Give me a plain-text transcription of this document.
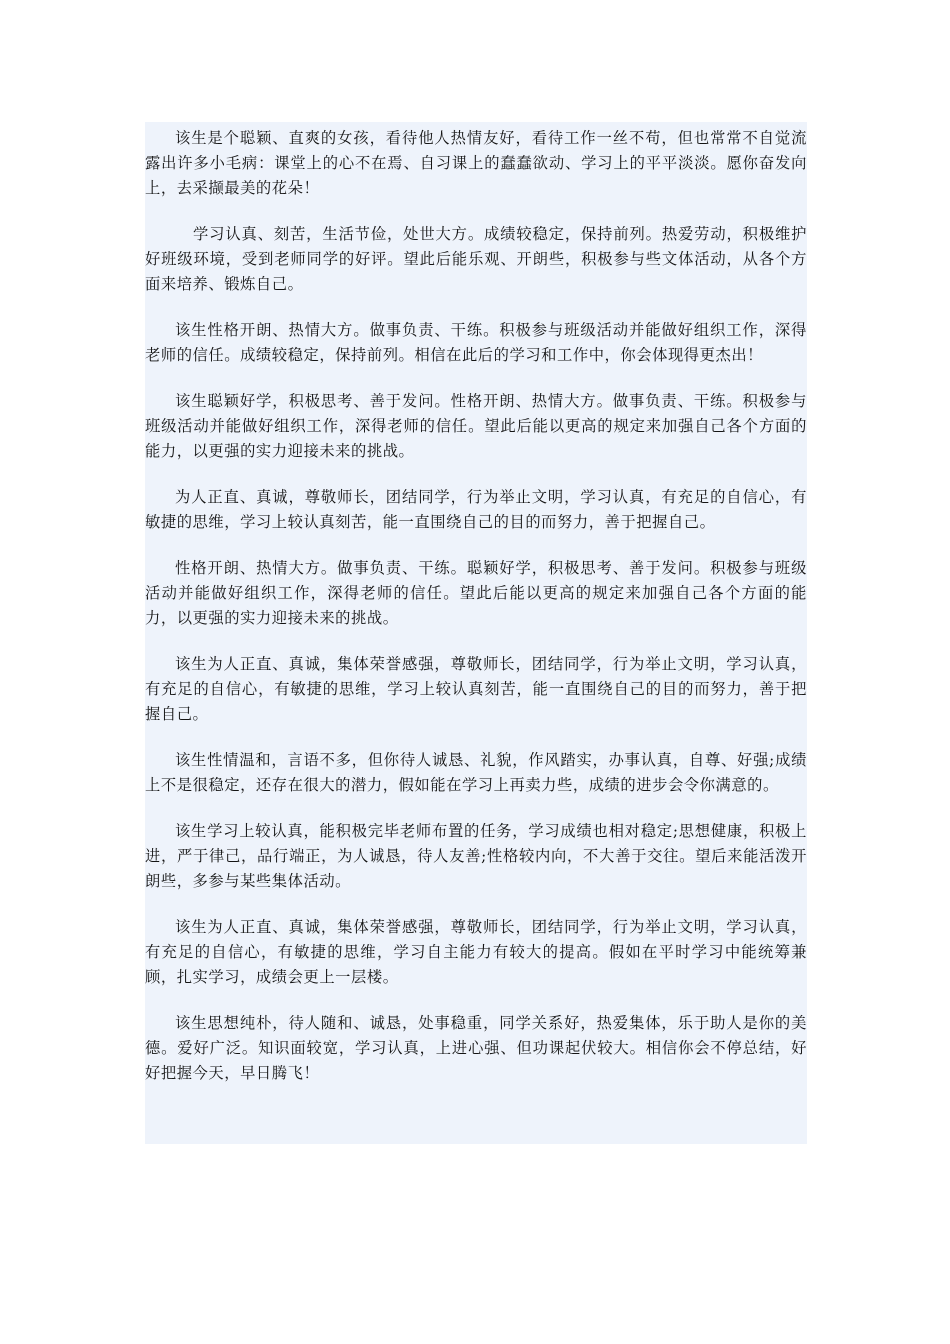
该生是个聪颖、直爽的女孩，看待他人热情友好，看待工作一丝不苟，但也常常不自觉流露出许多小毛病：课堂上的心不在焉、自习课上的蠢蠢欲动、学习上的平平淡淡。愿你奋发向上，去采撷最美的花朵！

学习认真、刻苦，生活节俭，处世大方。成绩较稳定，保持前列。热爱劳动，积极维护好班级环境，受到老师同学的好评。望此后能乐观、开朗些，积极参与些文体活动，从各个方面来培养、锻炼自己。

该生性格开朗、热情大方。做事负责、干练。积极参与班级活动并能做好组织工作，深得老师的信任。成绩较稳定，保持前列。相信在此后的学习和工作中，你会体现得更杰出！

该生聪颖好学，积极思考、善于发问。性格开朗、热情大方。做事负责、干练。积极参与班级活动并能做好组织工作，深得老师的信任。望此后能以更高的规定来加强自己各个方面的能力，以更强的实力迎接未来的挑战。

为人正直、真诚，尊敬师长，团结同学，行为举止文明，学习认真，有充足的自信心，有敏捷的思维，学习上较认真刻苦，能一直围绕自己的目的而努力，善于把握自己。

性格开朗、热情大方。做事负责、干练。聪颖好学，积极思考、善于发问。积极参与班级活动并能做好组织工作，深得老师的信任。望此后能以更高的规定来加强自己各个方面的能力，以更强的实力迎接未来的挑战。

该生为人正直、真诚，集体荣誉感强，尊敬师长，团结同学，行为举止文明，学习认真，有充足的自信心，有敏捷的思维，学习上较认真刻苦，能一直围绕自己的目的而努力，善于把握自己。

该生性情温和，言语不多，但你待人诚恳、礼貌，作风踏实，办事认真，自尊、好强;成绩上不是很稳定，还存在很大的潜力，假如能在学习上再卖力些，成绩的进步会令你满意的。

该生学习上较认真，能积极完毕老师布置的任务，学习成绩也相对稳定;思想健康，积极上进，严于律己，品行端正，为人诚恳，待人友善;性格较内向，不大善于交往。望后来能活泼开朗些，多参与某些集体活动。

该生为人正直、真诚，集体荣誉感强，尊敬师长，团结同学，行为举止文明，学习认真，有充足的自信心，有敏捷的思维，学习自主能力有较大的提高。假如在平时学习中能统筹兼顾，扎实学习，成绩会更上一层楼。

该生思想纯朴，待人随和、诚恳，处事稳重，同学关系好，热爱集体，乐于助人是你的美德。爱好广泛。知识面较宽，学习认真，上进心强、但功课起伏较大。相信你会不停总结，好好把握今天，早日腾飞！
